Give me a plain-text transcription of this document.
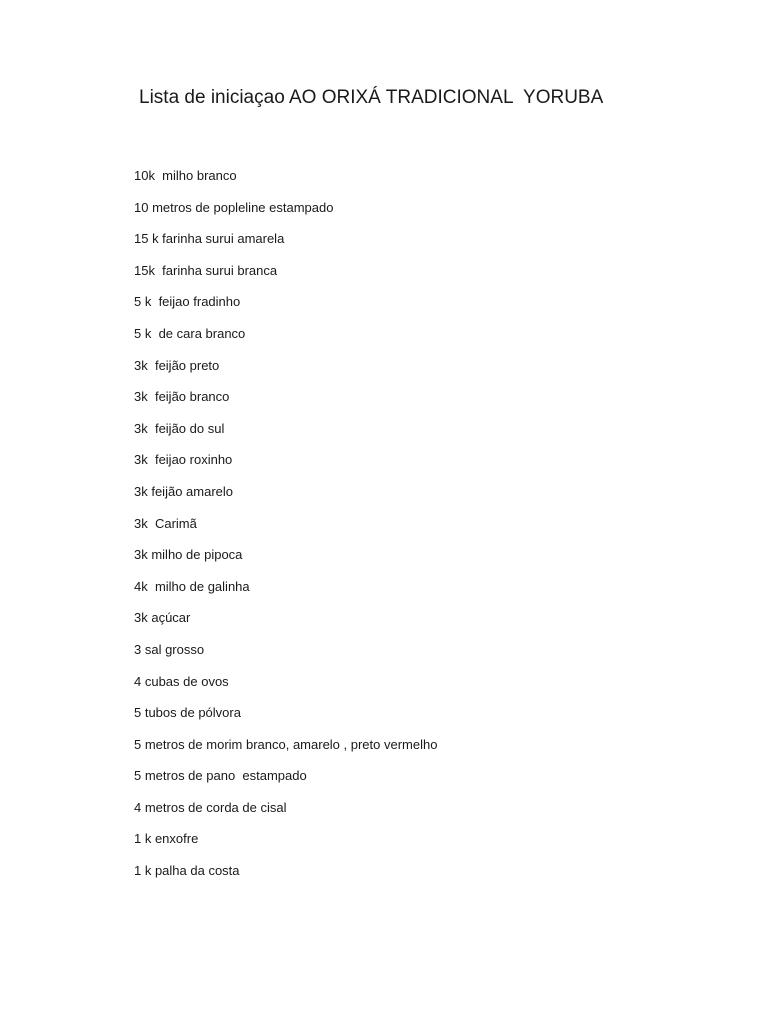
Lista de iniciaçao AO ORIXÁ TRADICIONAL  YORUBA
10k  milho branco
10 metros de popleline estampado
15 k farinha surui amarela
15k  farinha surui branca
5 k  feijao fradinho
5 k  de cara branco
3k  feijão preto
3k  feijão branco
3k  feijão do sul
3k  feijao roxinho
3k feijão amarelo
3k  Carimã
3k milho de pipoca
4k  milho de galinha
3k açúcar
3 sal grosso
4 cubas de ovos
5 tubos de pólvora
5 metros de morim branco, amarelo , preto vermelho
5 metros de pano  estampado
4 metros de corda de cisal
1 k enxofre
1 k palha da costa
